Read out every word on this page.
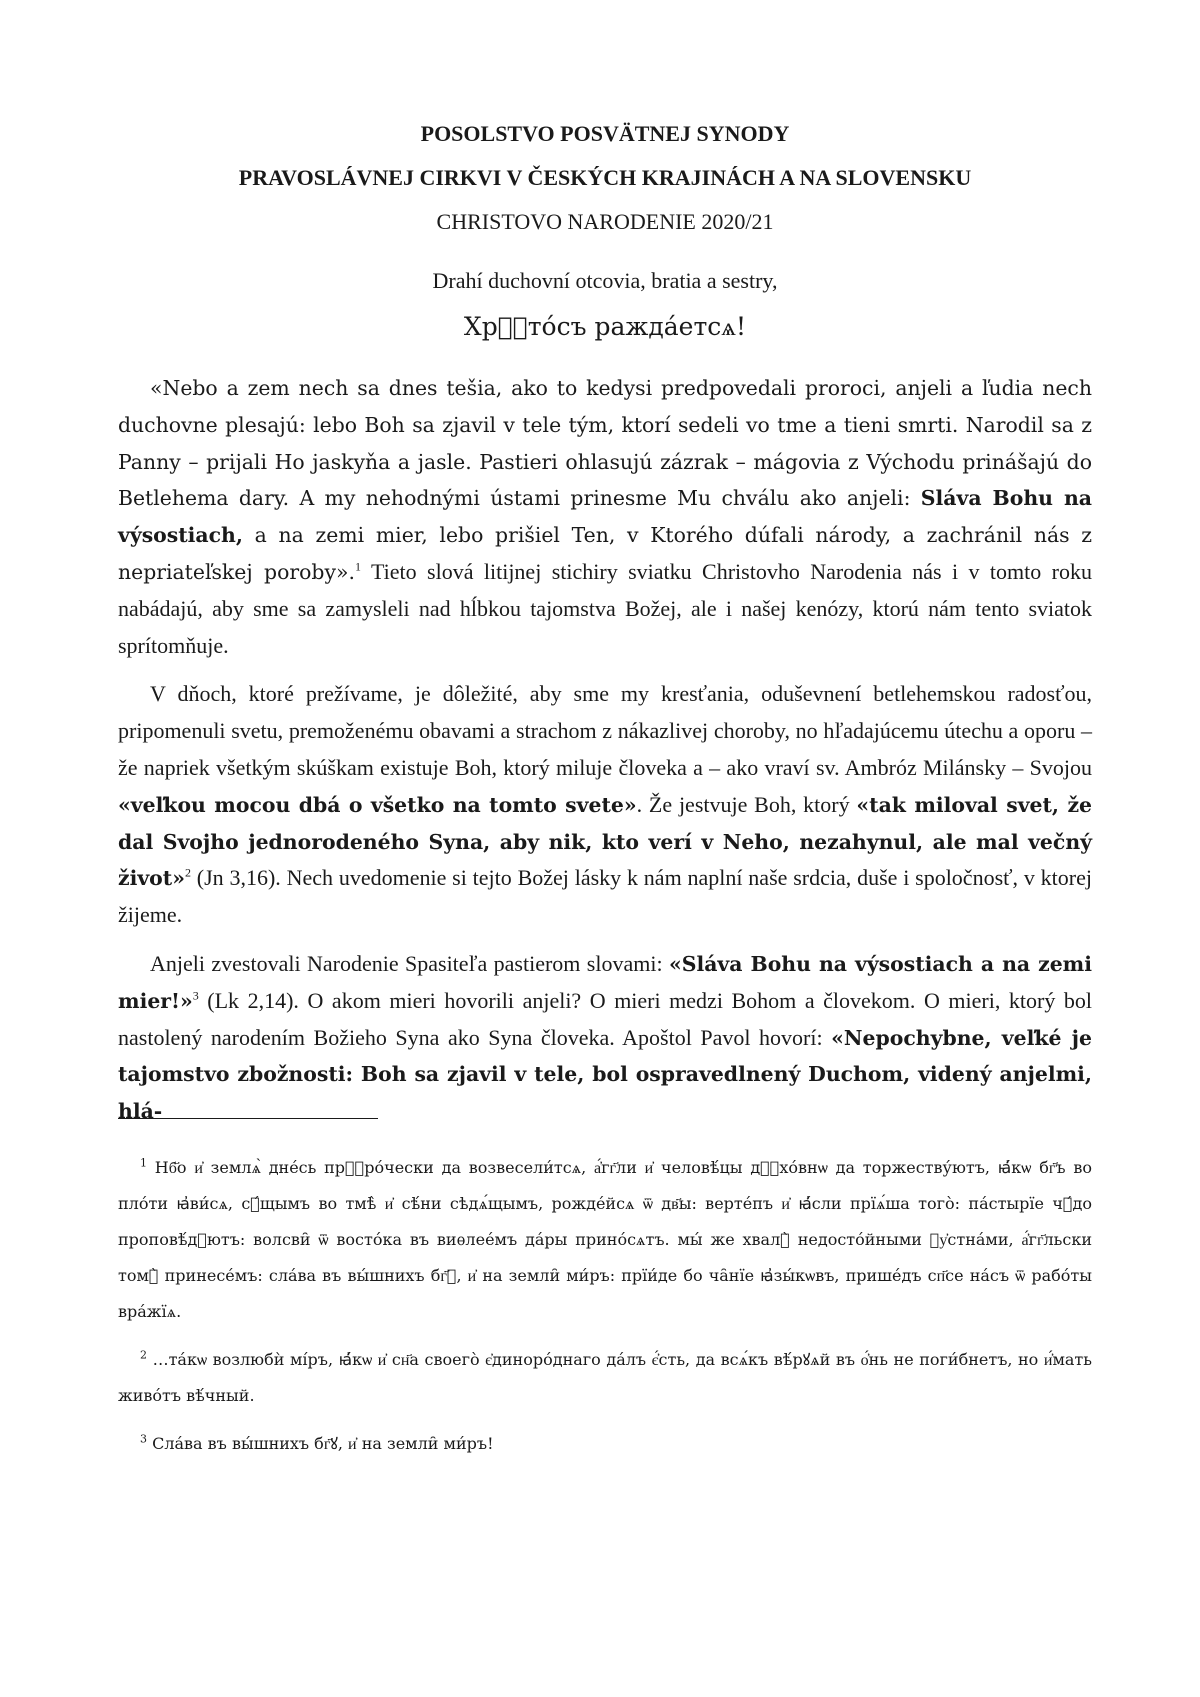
POSOLSTVO POSVÄTNEJ SYNODY
PRAVOSLÁVNEJ CIRKVI V ČESKÝCH KRAJINÁCH A NA SLOVENSKU
CHRISTOVO NARODENIE 2020/21
Drahí duchovní otcovia, bratia a sestry,
Хрⷭ҇то́съ ражда́етсѧ!

«Nebo a zem nech sa dnes tešia, ako to kedysi predpovedali proroci, anjeli a ľudia nech duchovne plesajú: lebo Boh sa zjavil v tele tým, ktorí sedeli vo tme a tieni smrti. Narodil sa z Panny – prijali Ho jaskyňa a jasle. Pastieri ohlasujú zázrak – mágovia z Východu prinášajú do Betlehema dary. A my nehodnými ústami prinesme Mu chválu ako anjeli: Sláva Bohu na výsostiach, a na zemi mier, lebo prišiel Ten, v Ktorého dúfali národy, a zachránil nás z nepriateľskej poroby».$^1$ Tieto slová litijnej stichiry sviatku Christovho Narodenia nás i v tomto roku nabádajú, aby sme sa zamysleli nad hĺbkou tajomstva Božej, ale i našej kenózy, ktorú nám tento sviatok sprítomňuje.

V dňoch, ktoré prežívame, je dôležité, aby sme my kresťania, oduševnení betlehemskou radosťou, pripomenuli svetu, premoženému obavami a strachom z nákazlivej choroby, no hľadajúcemu útechu a oporu – že napriek všetkým skúškam existuje Boh, ktorý miluje človeka a – ako vraví sv. Ambróz Milánsky – Svojou «veľkou mocou dbá o všetko na tomto svete». Že jestvuje Boh, ktorý «tak miloval svet, že dal Svojho jednorodeného Syna, aby nik, kto verí v Neho, nezahynul, ale mal večný život»$^2$ (Jn 3,16). Nech uvedomenie si tejto Božej lásky k nám naplní naše srdcia, duše i spoločnosť, v ktorej žijeme.

Anjeli zvestovali Narodenie Spasiteľa pastierom slovami: «Sláva Bohu na výsostiach a na zemi mier!»$^3$ (Lk 2,14). O akom mieri hovorili anjeli? O mieri medzi Bohom a človekom. O mieri, ktorý bol nastolený narodením Božieho Syna ako Syna človeka. Apoštol Pavol hovorí: «Nepochybne, veľké je tajomstvo zbožnosti: Boh sa zjavil v tele, bol ospravedlnený Duchom, videný anjelmi, hlá-

$^1$ Нб҃о и҆ землѧ̀ дне́сь прⷪ҇ро́чески да возвесели́тсѧ, а҆́гг҃ли и҆ человѣ́цы дꙋ҆хо́внѡ да торжеству́ютъ, ꙗ҆́кѡ бг҃ъ во пло́ти ꙗ҆ви́сѧ, сꙋ́щымъ во тмѣ̀ и҆ сѣ́ни сѣдѧ́щымъ, рожде́йсѧ ѿ дв҃ы: верте́пъ и҆ ꙗ҆́сли прїѧ́ша того̀: па́стырїе чꙋ́до проповѣ́дꙋютъ: волсви̑ ѿ восто́ка въ виѳлее́мъ да́ры прино́сѧтъ. мы́ же хвалꙋ̀ недосто́йными ᲂу҆стна́ми, а҆́гг҃льски томꙋ̀ принесе́мъ: сла́ва въ вы́шнихъ бг҃ꙋ, и҆ на земли̑ ми́ръ: прїи́де бо ча̑нїе ꙗ҆зы́кѡвъ, прише́дъ сп҃се на́съ ѿ рабо́ты вра́жїѧ.

$^2$ …та́кѡ возлюбѝ мі́ръ, ꙗ҆́кѡ и҆ сн҃а своего̀ є҆динoро́днаго да́лъ є҆́сть, да всѧ́къ вѣ́рꙋѧй въ о҆́нь не поги́бнетъ, но и҆́мать живо́тъ вѣ́чный.

$^3$ Сла́ва въ вы́шнихъ бг҃ꙋ, и҆ на земли̑ ми́ръ!
